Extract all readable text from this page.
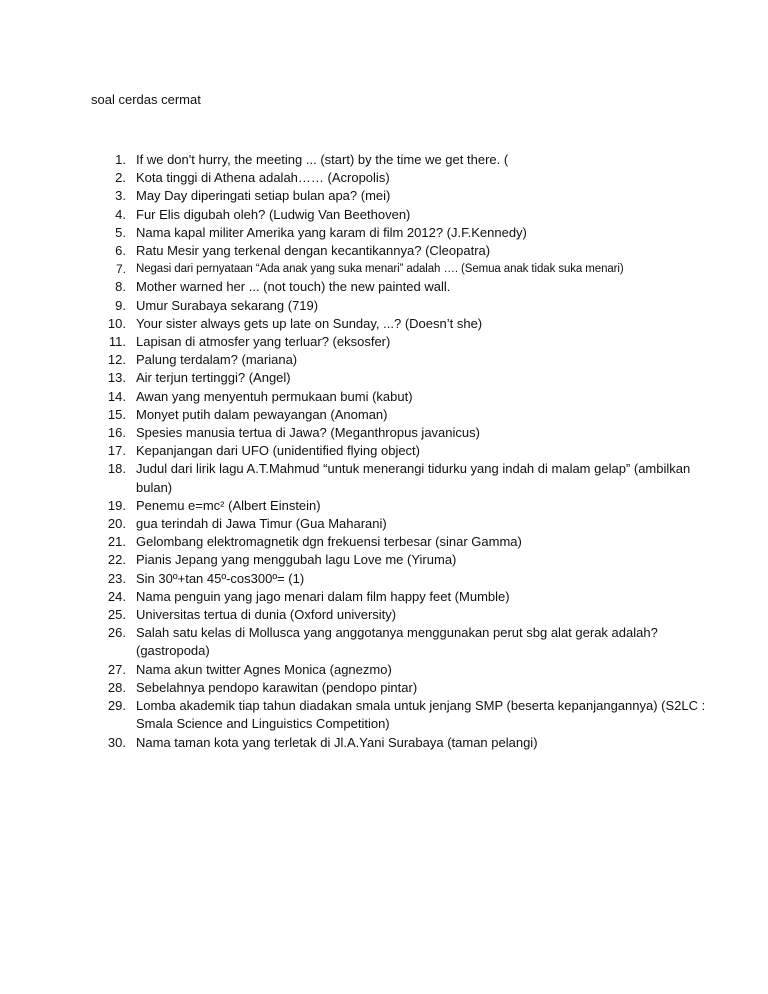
soal cerdas cermat
1. If we don't hurry, the meeting ... (start) by the time we get there. (
2. Kota tinggi di Athena adalah…… (Acropolis)
3. May Day diperingati setiap bulan apa? (mei)
4. Fur Elis digubah oleh? (Ludwig Van Beethoven)
5. Nama kapal militer Amerika yang karam di film 2012? (J.F.Kennedy)
6. Ratu Mesir yang terkenal dengan kecantikannya? (Cleopatra)
7. Negasi dari pernyataan “Ada anak yang suka menari” adalah …. (Semua anak tidak suka menari)
8. Mother warned her ... (not touch) the new painted wall.
9. Umur Surabaya sekarang (719)
10. Your sister always gets up late on Sunday, ...? (Doesn’t she)
11. Lapisan di atmosfer yang terluar? (eksosfer)
12. Palung terdalam? (mariana)
13. Air terjun tertinggi? (Angel)
14. Awan yang menyentuh permukaan bumi (kabut)
15. Monyet putih dalam pewayangan (Anoman)
16. Spesies manusia tertua di Jawa? (Meganthropus javanicus)
17. Kepanjangan dari UFO (unidentified flying object)
18. Judul dari lirik lagu A.T.Mahmud “untuk menerangi tidurku yang indah di malam gelap” (ambilkan bulan)
19. Penemu e=mc² (Albert Einstein)
20. gua terindah di Jawa Timur (Gua Maharani)
21. Gelombang elektromagnetik dgn frekuensi terbesar (sinar Gamma)
22. Pianis Jepang yang menggubah lagu Love me (Yiruma)
23. Sin 30º+tan 45º-cos300º= (1)
24. Nama penguin yang jago menari dalam film happy feet (Mumble)
25. Universitas tertua di dunia (Oxford university)
26. Salah satu kelas di Mollusca yang anggotanya menggunakan perut sbg alat gerak adalah? (gastropoda)
27. Nama akun twitter Agnes Monica (agnezmo)
28. Sebelahnya pendopo karawitan (pendopo pintar)
29. Lomba akademik tiap tahun diadakan smala untuk jenjang SMP (beserta kepanjangannya) (S2LC : Smala Science and Linguistics Competition)
30. Nama taman kota yang terletak di Jl.A.Yani Surabaya (taman pelangi)
